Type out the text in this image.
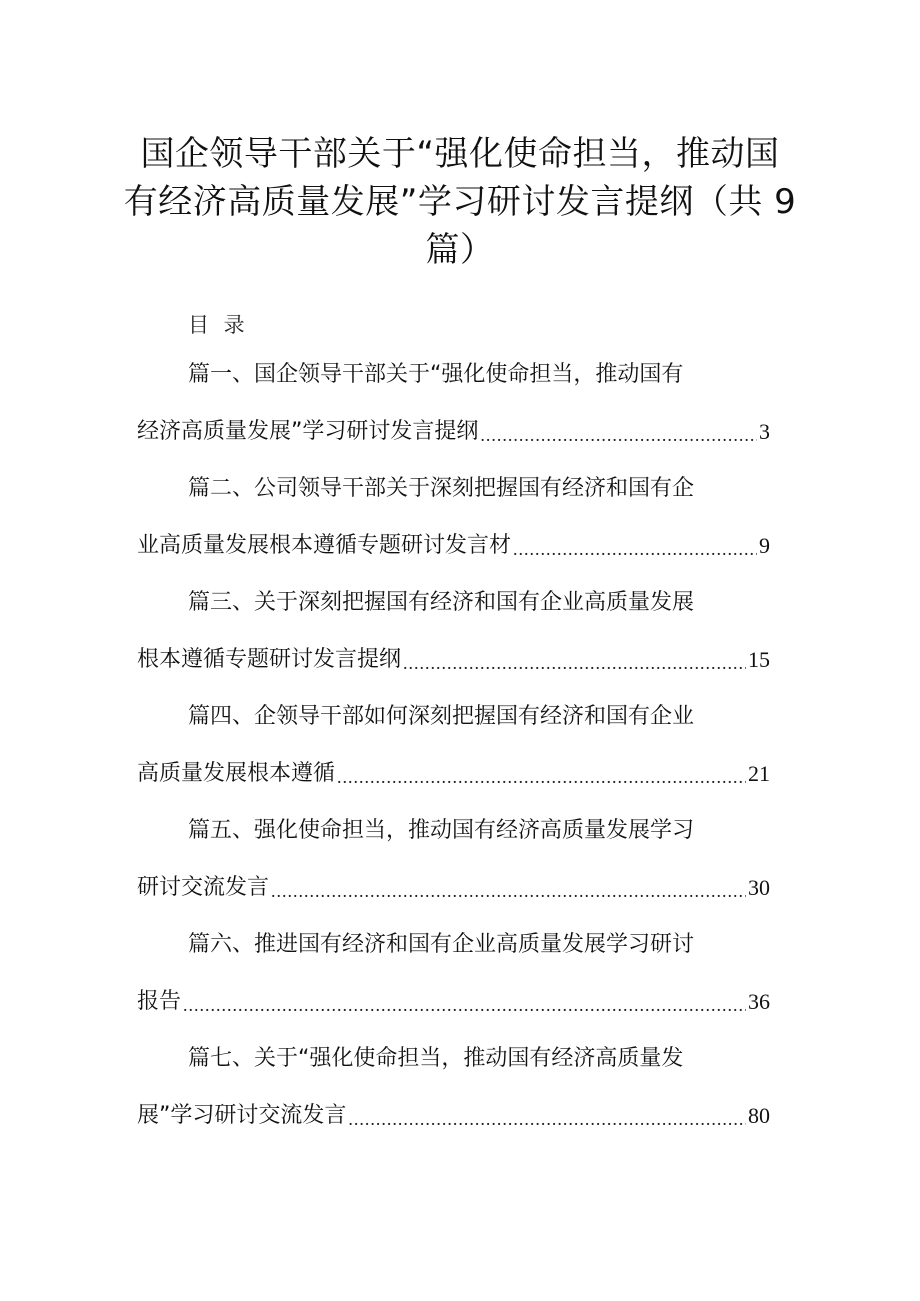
国企领导干部关于“强化使命担当，推动国
有经济高质量发展”学习研讨发言提纲（共 9
篇）
目 录
篇一、国企领导干部关于“强化使命担当，推动国有
经济高质量发展”学习研讨发言提纲 .....	3
篇二、公司领导干部关于深刻把握国有经济和国有企
业高质量发展根本遵循专题研讨发言材 .....	9
篇三、关于深刻把握国有经济和国有企业高质量发展
根本遵循专题研讨发言提纲 .....	15
篇四、企领导干部如何深刻把握国有经济和国有企业
高质量发展根本遵循 .....	21
篇五、强化使命担当，推动国有经济高质量发展学习
研讨交流发言 .....	30
篇六、推进国有经济和国有企业高质量发展学习研讨
报告 .....	36
篇七、关于“强化使命担当，推动国有经济高质量发
展”学习研讨交流发言 .....	80
